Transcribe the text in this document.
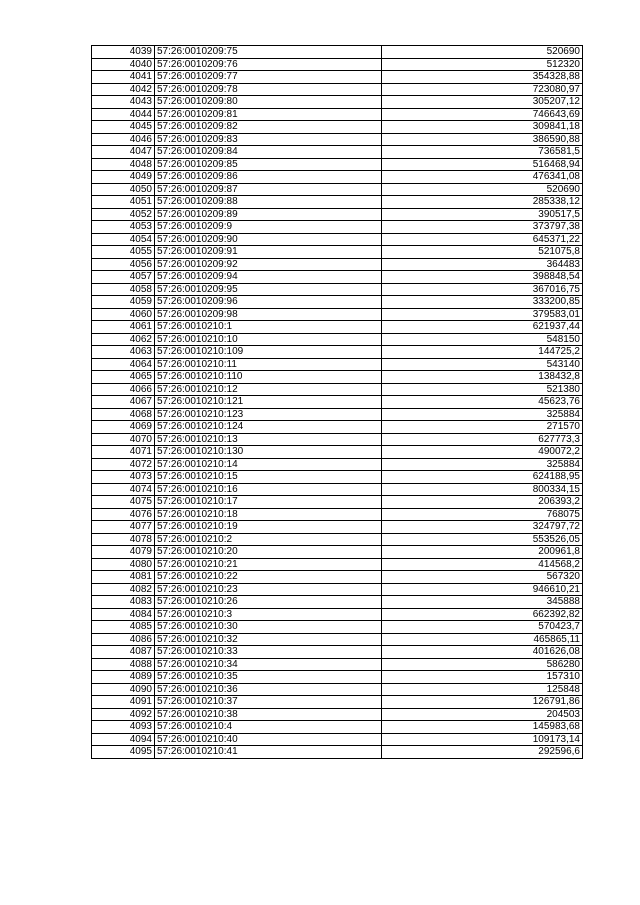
4039	57:26:0010209:75	520690
4040	57:26:0010209:76	512320
4041	57:26:0010209:77	354328,88
4042	57:26:0010209:78	723080,97
4043	57:26:0010209:80	305207,12
4044	57:26:0010209:81	746643,69
4045	57:26:0010209:82	309841,18
4046	57:26:0010209:83	386590,88
4047	57:26:0010209:84	736581,5
4048	57:26:0010209:85	516468,94
4049	57:26:0010209:86	476341,08
4050	57:26:0010209:87	520690
4051	57:26:0010209:88	285338,12
4052	57:26:0010209:89	390517,5
4053	57:26:0010209:9	373797,38
4054	57:26:0010209:90	645371,22
4055	57:26:0010209:91	521075,8
4056	57:26:0010209:92	364483
4057	57:26:0010209:94	398848,54
4058	57:26:0010209:95	367016,75
4059	57:26:0010209:96	333200,85
4060	57:26:0010209:98	379583,01
4061	57:26:0010210:1	621937,44
4062	57:26:0010210:10	548150
4063	57:26:0010210:109	144725,2
4064	57:26:0010210:11	543140
4065	57:26:0010210:110	138432,8
4066	57:26:0010210:12	521380
4067	57:26:0010210:121	45623,76
4068	57:26:0010210:123	325884
4069	57:26:0010210:124	271570
4070	57:26:0010210:13	627773,3
4071	57:26:0010210:130	490072,2
4072	57:26:0010210:14	325884
4073	57:26:0010210:15	624188,95
4074	57:26:0010210:16	800334,15
4075	57:26:0010210:17	206393,2
4076	57:26:0010210:18	768075
4077	57:26:0010210:19	324797,72
4078	57:26:0010210:2	553526,05
4079	57:26:0010210:20	200961,8
4080	57:26:0010210:21	414568,2
4081	57:26:0010210:22	567320
4082	57:26:0010210:23	946610,21
4083	57:26:0010210:26	345888
4084	57:26:0010210:3	662392,82
4085	57:26:0010210:30	570423,7
4086	57:26:0010210:32	465865,11
4087	57:26:0010210:33	401626,08
4088	57:26:0010210:34	586280
4089	57:26:0010210:35	157310
4090	57:26:0010210:36	125848
4091	57:26:0010210:37	126791,86
4092	57:26:0010210:38	204503
4093	57:26:0010210:4	145983,68
4094	57:26:0010210:40	109173,14
4095	57:26:0010210:41	292596,6
